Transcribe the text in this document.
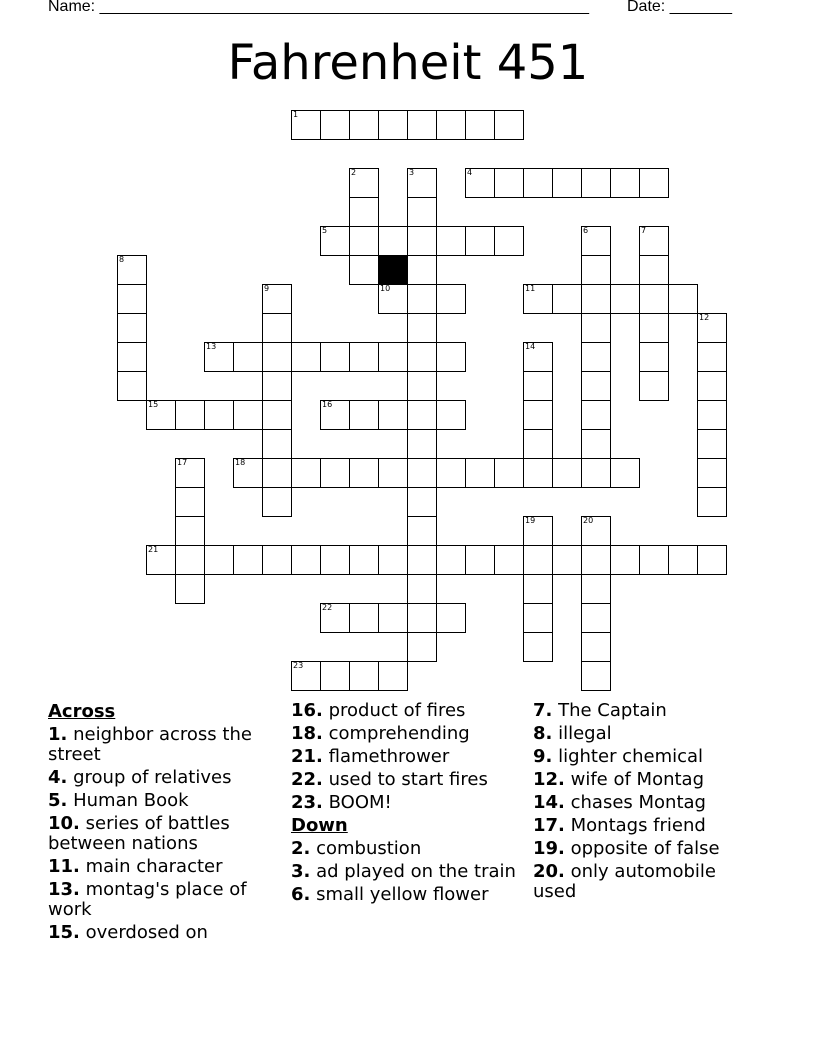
Name: _______________________________________________________ Date: _______
Fahrenheit 451
1
2	3	4
5	6	7
8
9	10	11
12
13	14
15	16
17	18
19	20
21
22
23
Across
1. neighbor across the street
4. group of relatives
5. Human Book
10. series of battles between nations
11. main character
13. montag's place of work
15. overdosed on
16. product of fires
18. comprehending
21. flamethrower
22. used to start fires
23. BOOM!
Down
2. combustion
3. ad played on the train
6. small yellow flower
7. The Captain
8. illegal
9. lighter chemical
12. wife of Montag
14. chases Montag
17. Montags friend
19. opposite of false
20. only automobile used
